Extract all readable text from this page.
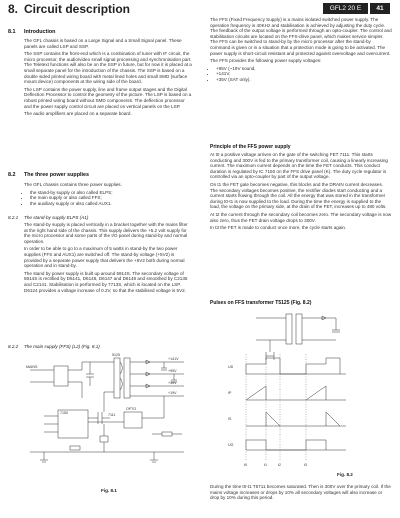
8. Circuit description	GFL2 20 E	41
8.1 Introduction

The GFL chassis is based on a Large Signal and a Small Signal panel. These panels are called LSP and SSP.

The SSP contains the front-end which is a combination of tuner with IF circuit, the micro processor, the audio/video small signal processing and synchronisation part. The Teletext functions will also be on the SSP in future, but for now it is placed at a small separate panel for the introduction of the chassis. The SSP is based on a double sided printed wiring board with metal lined holes and small SMD (surface mount device) components at the wiring side of the board.

The LSP contains the power supply, line and frame output stages and the Digital Deflection Processor to control the geometry of the picture. The LSP is based on a robust printed wiring board without SMD components. The deflection processor and the power supply control circuit are placed on vertical panels on the LSP.

The audio amplifiers are placed on a separate board.

8.2 The three power supplies

The GFL chassis contains three power supplies.

• the stand-by supply or also called ELPS;
• the main supply or also called FFS;
• the auxiliary supply or also called AUX1.
8.2.1 The stand-by supply ELPS (A1)

The stand-by supply is placed vertically in a bracket together with the mains filter at the right hand side of the chassis. This supply delivers the +5.2 volt supply for the micro processor and some parts of the I/O panel during stand-by and normal operation.

In order to be able to go to a maximum of 5 watts in stand-by the two power supplies (FFS and AUX1) are switched off. The stand-by voltage (+5V2) is provided by a separate power supply that delivers the +5V2 both during normal operation and in stand-by.

The stand by power supply is built up around 5914S. The secondary voltage of 5914S is rectified by D6141, D6146, D6147 and D6148 and smoothed by C2135 and C2141. Stabilisation is performed by 7713S, which is located on the LSP. D6124 provides a voltage increase of 0.2V, so that the stabilised voltage is 5V2.

8.2.2 The main supply (FFS) (L2) (Fig. 8.1)
MAINS
7150	7111
5125
OPTO
+141V
+95V
+35V
+19V
Fig. 8.1

The FFS (Fixed Frequency Supply) is a mains isolated switched power supply. The operation frequency is 40KHz and stabilisation is achieved by adjusting the duty cycle. The feedback of the output voltage is performed through an opto-coupler. The control and stabilisation circuits are located on the FFS-drive panel, which makes service simpler. The FFS can be switched to stand-by by the micro processor after the stand-by command is given or in a situation that a protection mode is going to be activated. The power supply is short-circuit resistant and protected against overvoltage and overcurrent.

The FFS provides the following power supply voltages:

• +95V (~19V sound,
• +141V,
• +35V (SAT only).
Principle of the FFS power supply

At t0 a positive voltage arrives on the gate of the switching FET 7111. This starts conducting and 300V is fed to the primary transformer coil, causing a linearly increasing current. The maximum current depends on the time the FET conducts. This conduct duration is regulated by IC 7150 on the FFS drive panel (K). The duty cycle regulator is controlled via an opto-coupler by part of the output voltage.

On t1 the FET gate becomes negative, this blocks and the DRAIN current decreases. The secondary voltages becomes positive, the rectifier diodes start conducting and a current starts flowing through the coil. All the energy that was stored in the transformer during t0-t1 is now supplied to the load. During the time the energy is supplied to the load, the voltage on the primary side, at the drain of the FET, increases up to 480 volts.

At t2 the current through the secondary coil becomes zero. The secondary voltage is now also zero, thus the FET drain voltage drops to 300V.

In t3 the FET is made to conduct once more, the cycle starts again.

Pulses on FFS transformer T5125 (Fig. 8.2)
UD
IP
IS
UG
t0	t1	t2	t3
Fig. 8.2

During the time t0-t1 T5711 becomes saturated. Then is 300V over the primary coil. If the mains voltage increases or drops by 10% all secondary voltages will also increase or drop by 10% during this period.
